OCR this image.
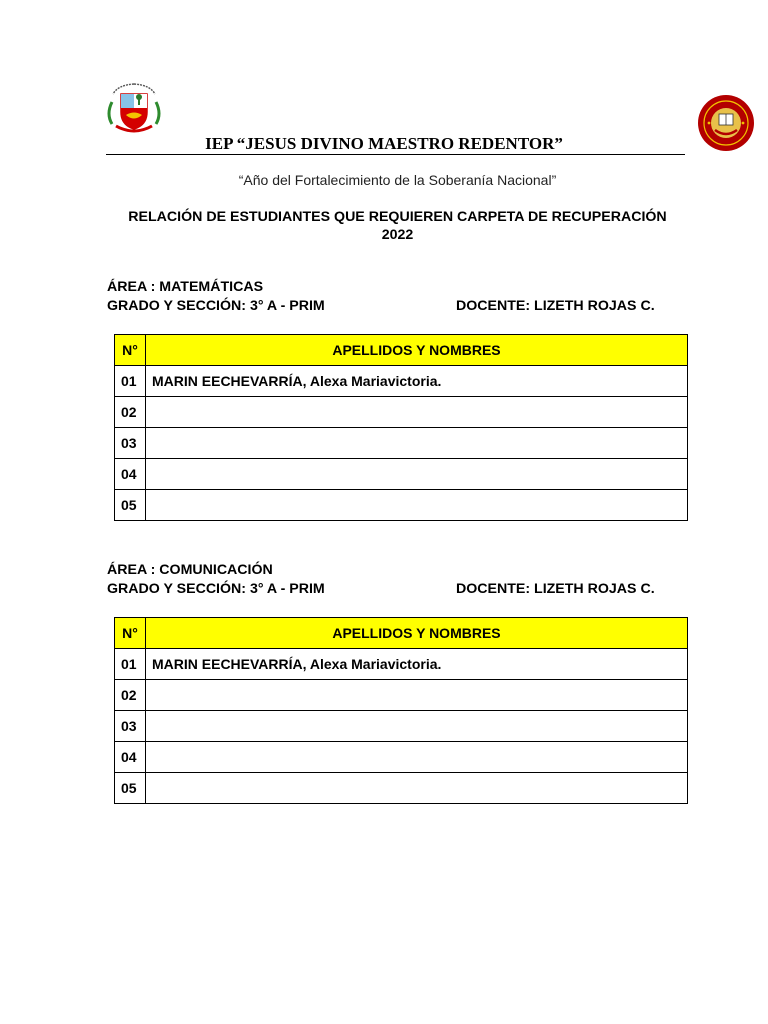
IEP “JESUS DIVINO MAESTRO REDENTOR”
“Año del Fortalecimiento de la Soberanía Nacional”
RELACIÓN DE ESTUDIANTES QUE REQUIEREN CARPETA DE RECUPERACIÓN
2022
ÁREA : MATEMÁTICAS
GRADO Y SECCIÓN: 3° A - PRIM	DOCENTE: LIZETH ROJAS C.
N°	APELLIDOS Y NOMBRES
01	MARIN EECHEVARRÍA, Alexa Mariavictoria.
02	
03	
04	
05	
ÁREA : COMUNICACIÓN
GRADO Y SECCIÓN: 3° A - PRIM	DOCENTE: LIZETH ROJAS C.
N°	APELLIDOS Y NOMBRES
01	MARIN EECHEVARRÍA, Alexa Mariavictoria.
02	
03	
04	
05	
